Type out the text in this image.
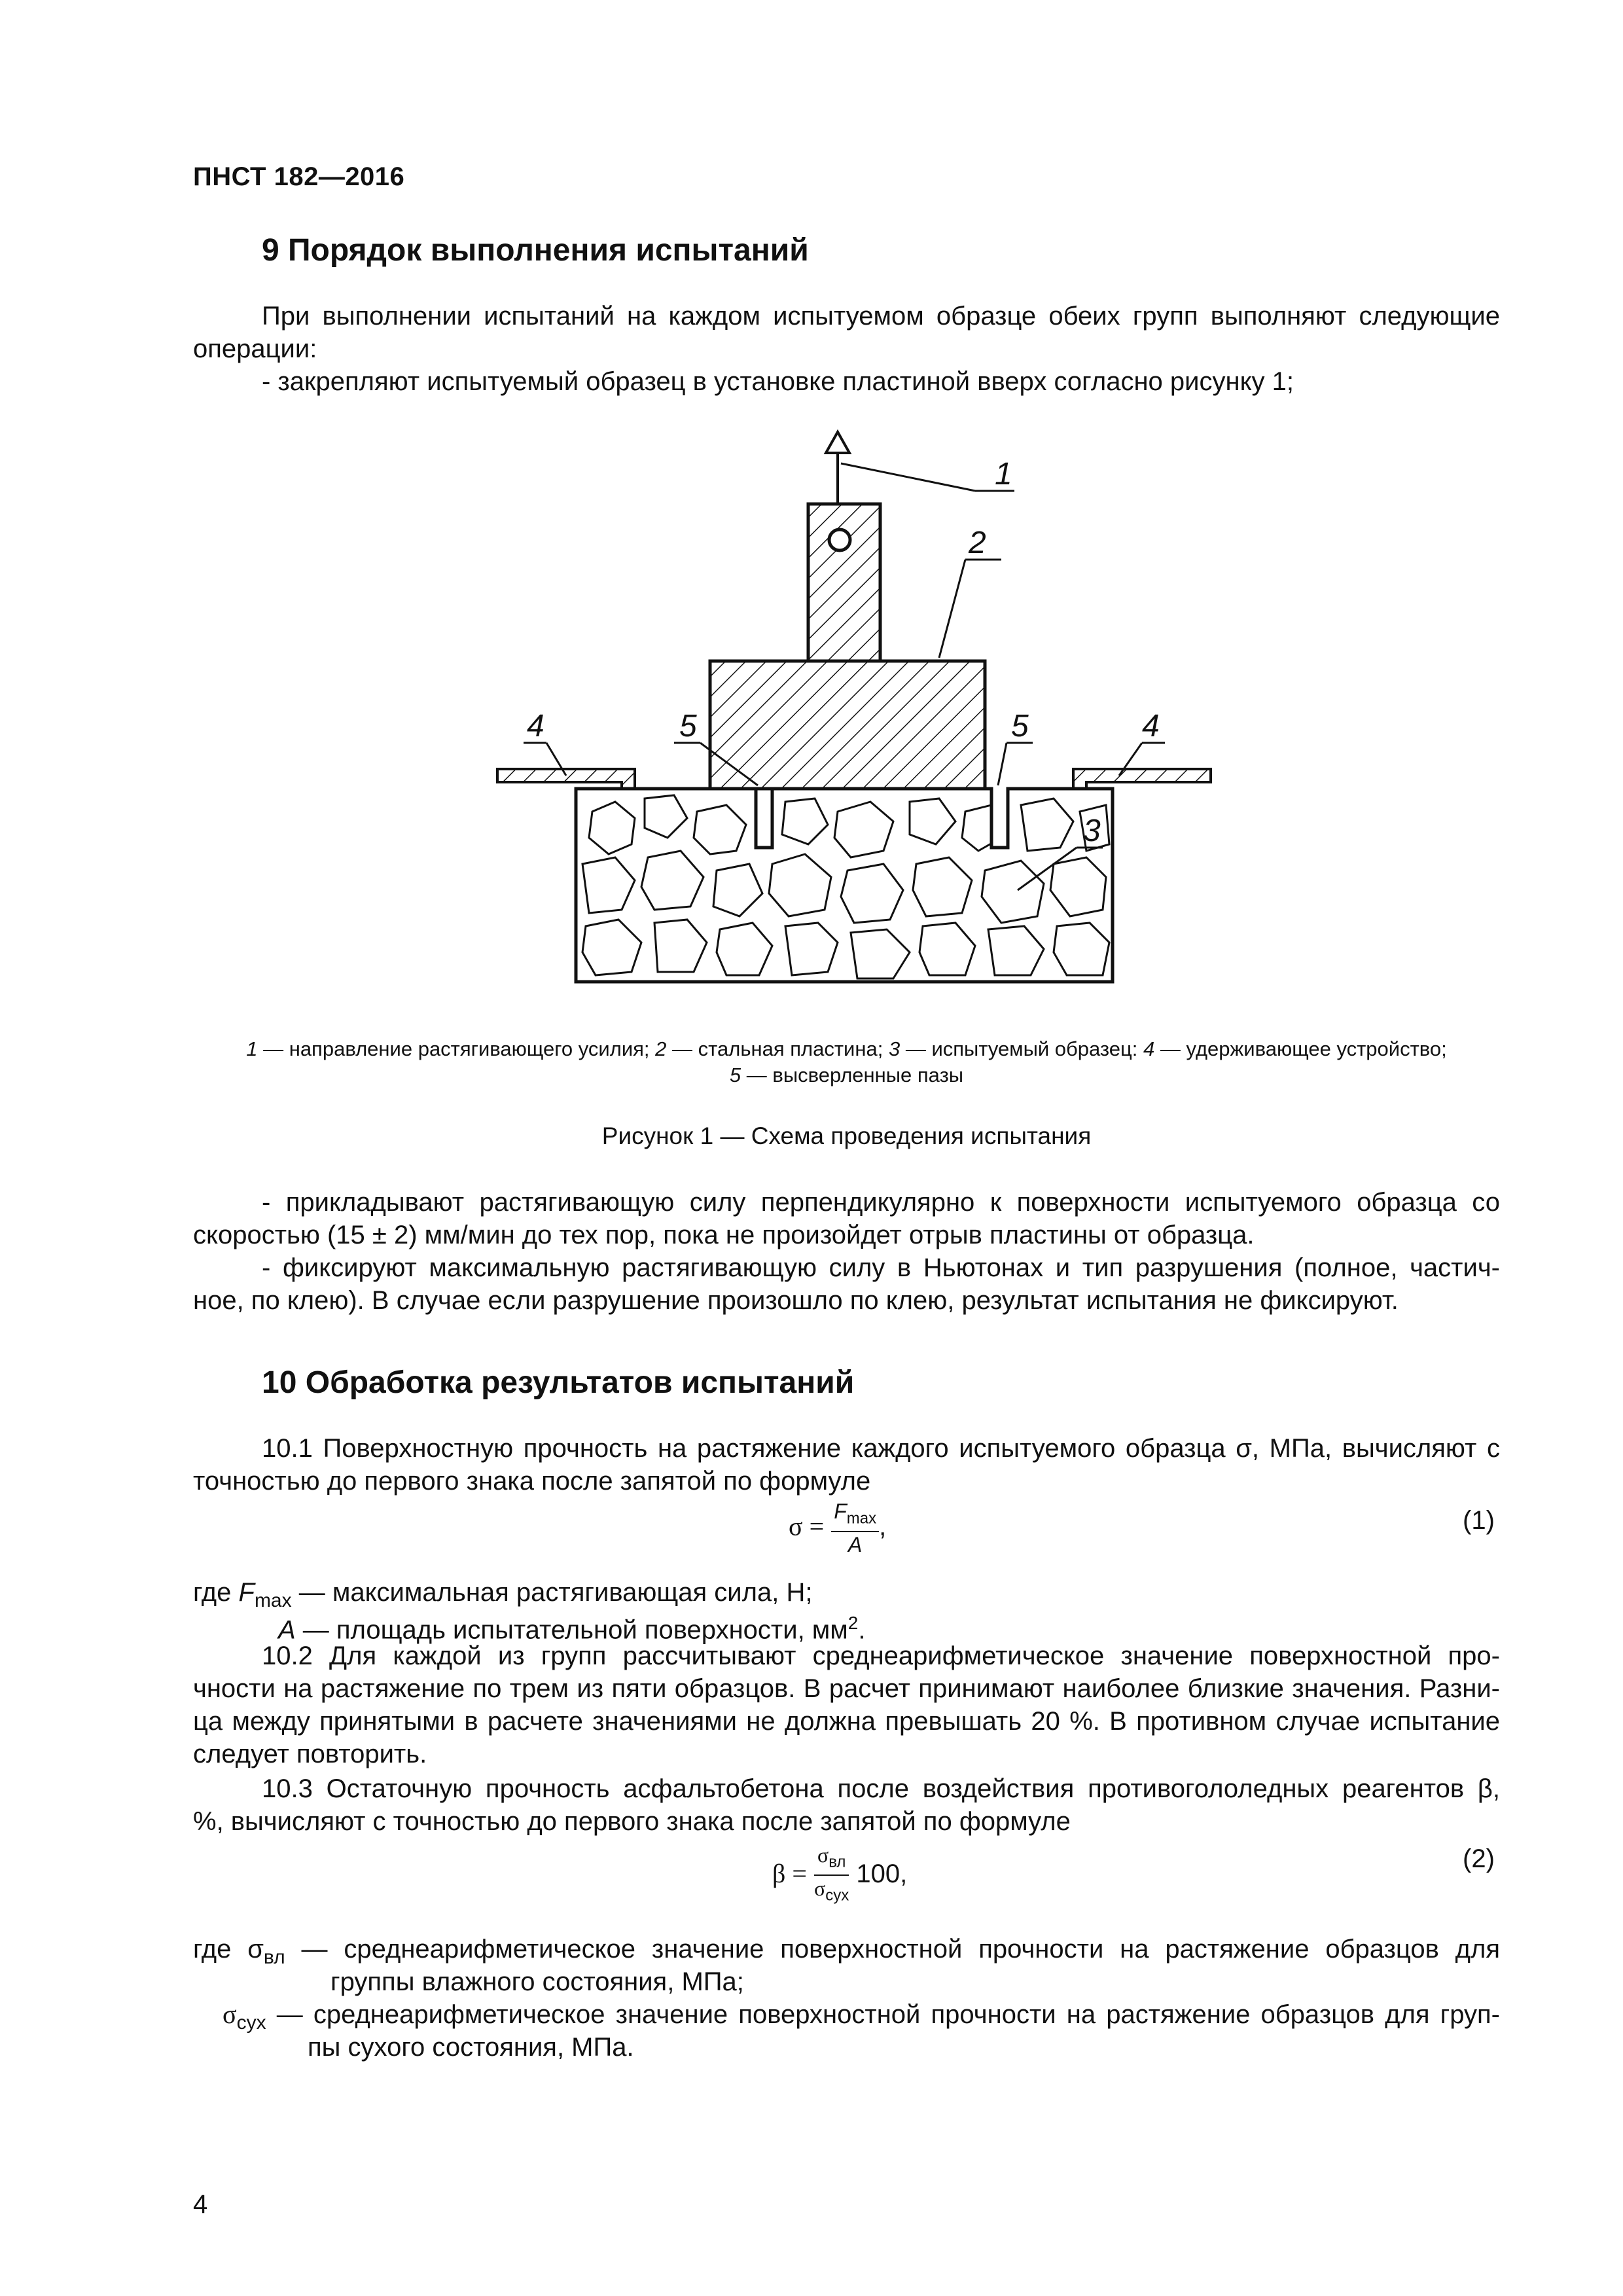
ПНСТ 182—2016
9 Порядок выполнения испытаний
При выполнении испытаний на каждом испытуемом образце обеих групп выполняют следующие
операции:
- закрепляют испытуемый образец в установке пластиной вверх согласно рисунку 1;
1
2
3
4	5	5	4
1 — направление растягивающего усилия; 2 — стальная пластина; 3 — испытуемый образец: 4 — удерживающее устройство;
5 — высверленные пазы
Рисунок 1 — Схема проведения испытания
- прикладывают растягивающую силу перпендикулярно к поверхности испытуемого образца со
скоростью (15 ± 2) мм/мин до тех пор, пока не произойдет отрыв пластины от образца.
- фиксируют максимальную растягивающую силу в Ньютонах и тип разрушения (полное, частич-
ное, по клею). В случае если разрушение произошло по клею, результат испытания не фиксируют.
10 Обработка результатов испытаний
10.1 Поверхностную прочность на растяжение каждого испытуемого образца σ, МПа, вычисляют с
точностью до первого знака после запятой по формуле
$\sigma = \frac{F_{max}}{A}$ ,	(1)
где $F_{max}$ — максимальная растягивающая сила, Н;
A — площадь испытательной поверхности, $мм^2$.
10.2 Для каждой из групп рассчитывают среднеарифметическое значение поверхностной про-
чности на растяжение по трем из пяти образцов. В расчет принимают наиболее близкие значения. Разни-
ца между принятыми в расчете значениями не должна превышать 20 %. В противном случае испытание
следует повторить.
10.3 Остаточную прочность асфальтобетона после воздействия противогололедных реагентов β,
%, вычисляют с точностью до первого знака после запятой по формуле
$\beta = \frac{\sigma_{вл}}{\sigma_{сух}} 100$,
(2)
где $\sigma_{вл}$ — среднеарифметическое значение поверхностной прочности на растяжение образцов для
группы влажного состояния, МПа;
$\sigma_{сух}$ — среднеарифметическое значение поверхностной прочности на растяжение образцов для груп-
пы сухого состояния, МПа.
4
